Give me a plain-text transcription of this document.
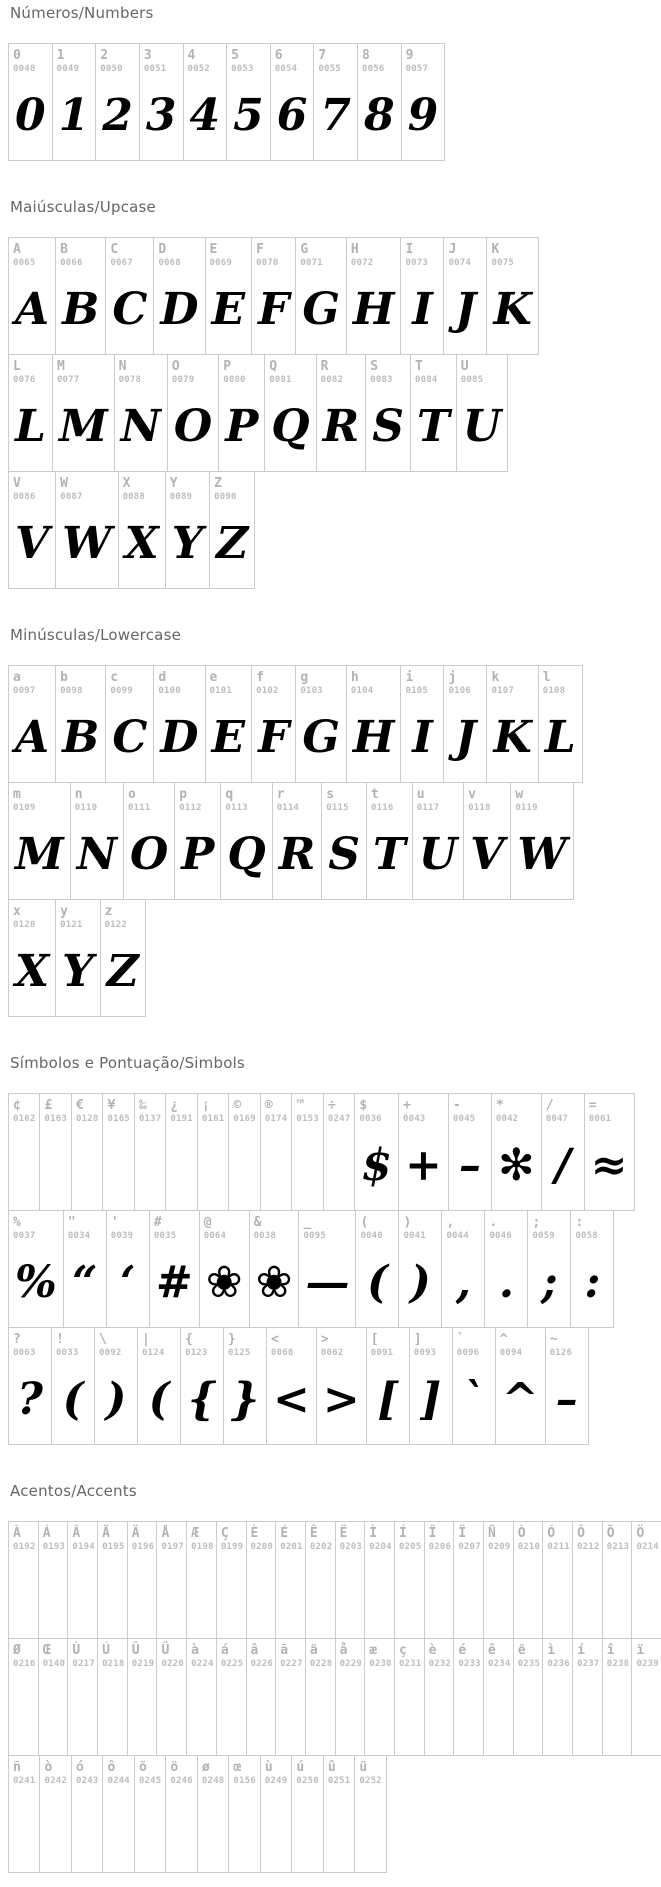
Números/Numbers
0
0048
0
1
0049
1
2
0050
2
3
0051
3
4
0052
4
5
0053
5
6
0054
6
7
0055
7
8
0056
8
9
0057
9
Maiúsculas/Upcase
A
0065
A
B
0066
B
C
0067
C
D
0068
D
E
0069
E
F
0070
F
G
0071
G
H
0072
H
I
0073
I
J
0074
J
K
0075
K
L
0076
L
M
0077
M
N
0078
N
O
0079
O
P
0080
P
Q
0081
Q
R
0082
R
S
0083
S
T
0084
T
U
0085
U
V
0086
V
W
0087
W
X
0088
X
Y
0089
Y
Z
0090
Z
Minúsculas/Lowercase
a
0097
A
b
0098
B
c
0099
C
d
0100
D
e
0101
E
f
0102
F
g
0103
G
h
0104
H
i
0105
I
j
0106
J
k
0107
K
l
0108
L
m
0109
M
n
0110
N
o
0111
O
p
0112
P
q
0113
Q
r
0114
R
s
0115
S
t
0116
T
u
0117
U
v
0118
V
w
0119
W
x
0120
X
y
0121
Y
z
0122
Z
Símbolos e Pontuação/Simbols
¢
0162
£
0163
€
0128
¥
0165
‰
0137
¿
0191
¡
0161
©
0169
®
0174
™
0153
÷
0247
$
0036
$
+
0043
+
-
0045
–
*
0042
✻
/
0047
/
=
0061
≈
%
0037
%
"
0034
“
'
0039
‘
#
0035
#
@
0064
❀
&
0038
❀
_
0095
—
(
0040
(
)
0041
)
,
0044
,
.
0046
.
;
0059
;
:
0058
:
?
0063
?
!
0033
(
\
0092
)
|
0124
(
{
0123
{
}
0125
}
<
0060
<
>
0062
>
[
0091
[
]
0093
]
`
0096
`
^
0094
^
~
0126
–
Acentos/Accents
À
0192
Á
0193
Â
0194
Ã
0195
Ä
0196
Å
0197
Æ
0198
Ç
0199
È
0200
É
0201
Ê
0202
Ë
0203
Ì
0204
Í
0205
Î
0206
Ï
0207
Ñ
0209
Ò
0210
Ó
0211
Ô
0212
Õ
0213
Ö
0214
Ø
0216
Œ
0140
Ù
0217
Ú
0218
Û
0219
Ü
0220
à
0224
á
0225
â
0226
ã
0227
ä
0228
å
0229
æ
0230
ç
0231
è
0232
é
0233
ê
0234
ë
0235
ì
0236
í
0237
î
0238
ï
0239
ñ
0241
ò
0242
ó
0243
ô
0244
õ
0245
ö
0246
ø
0248
œ
0156
ù
0249
ú
0250
û
0251
ü
0252
